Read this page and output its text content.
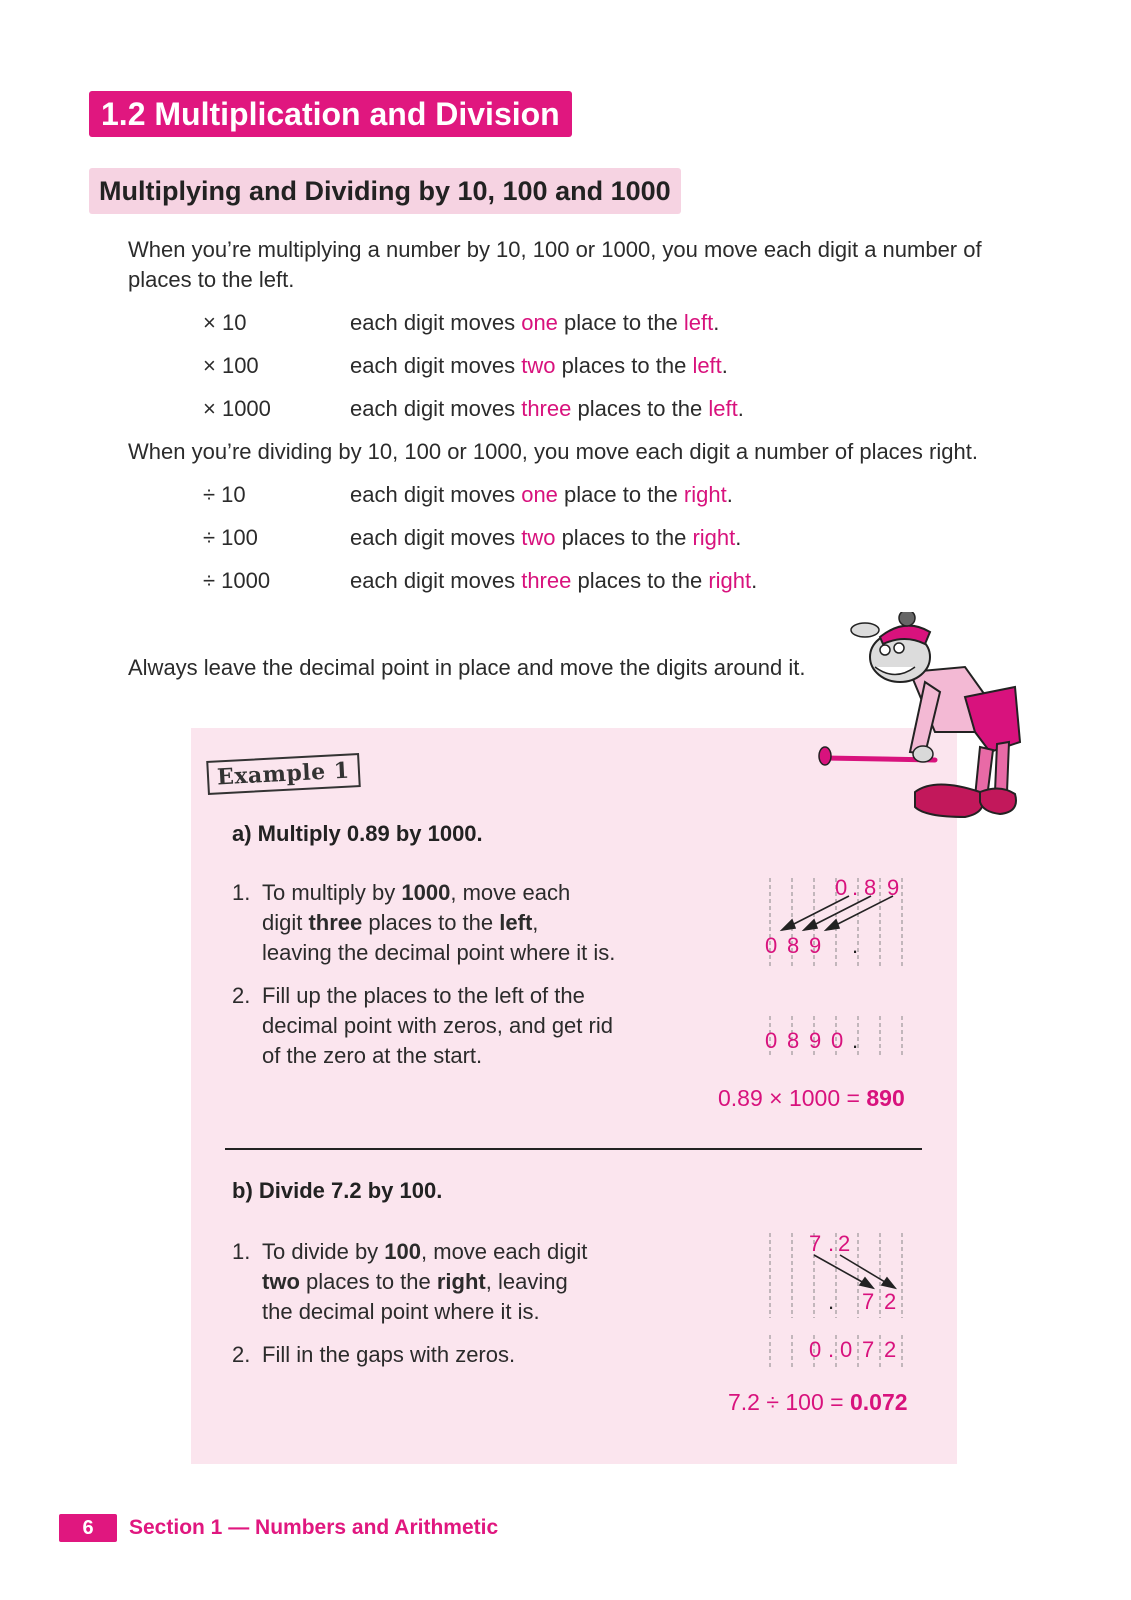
1.2 Multiplication and Division
Multiplying and Dividing by 10, 100 and 1000
When you’re multiplying a number by 10, 100 or 1000, you move each digit a number of
places to the left.
× 10	each digit moves one place to the left.
× 100	each digit moves two places to the left.
× 1000	each digit moves three places to the left.
When you’re dividing by 10, 100 or 1000, you move each digit a number of places right.
÷ 10	each digit moves one place to the right.
÷ 100	each digit moves two places to the right.
÷ 1000	each digit moves three places to the right.
Always leave the decimal point in place and move the digits around it.
Example 1
a) Multiply 0.89 by 1000.
1. To multiply by 1000, move each
digit three places to the left,
leaving the decimal point where it is.
2. Fill up the places to the left of the
decimal point with zeros, and get rid
of the zero at the start.
0 . 8 9
0 8 9 .
0 8 9 0 .
0.89 × 1000 = 890
b) Divide 7.2 by 100.
1. To divide by 100, move each digit
two places to the right, leaving
the decimal point where it is.
2. Fill in the gaps with zeros.
7 . 2
. 7 2
0 . 0 7 2
7.2 ÷ 100 = 0.072
6	Section 1 — Numbers and Arithmetic
